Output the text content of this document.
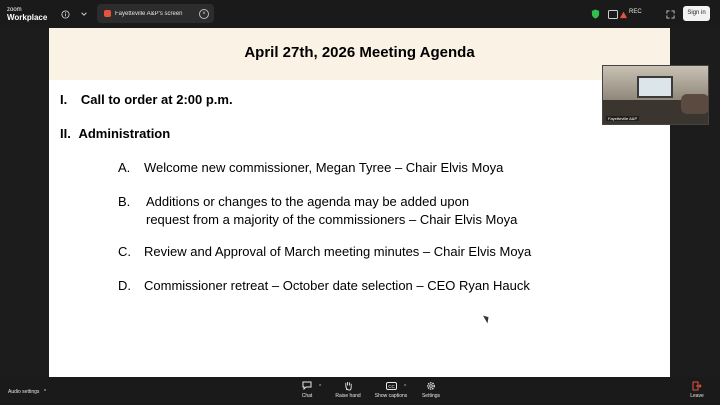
zoom
Workplace	Fayetteville A&P's screen	×	REC	Sign in
April 27th, 2026 Meeting Agenda
I. Call to order at 2:00 p.m.
II. Administration
A. Welcome new commissioner, Megan Tyree – Chair Elvis Moya
B. Additions or changes to the agenda may be added upon
request from a majority of the commissioners – Chair Elvis Moya
C. Review and Approval of March meeting minutes – Chair Elvis Moya
D. Commissioner retreat – October date selection – CEO Ryan Hauck
Fayetteville A&P
Audio settings ^
Chat
^
Raise hand
CC
Show captions
^
Settings	Leave
